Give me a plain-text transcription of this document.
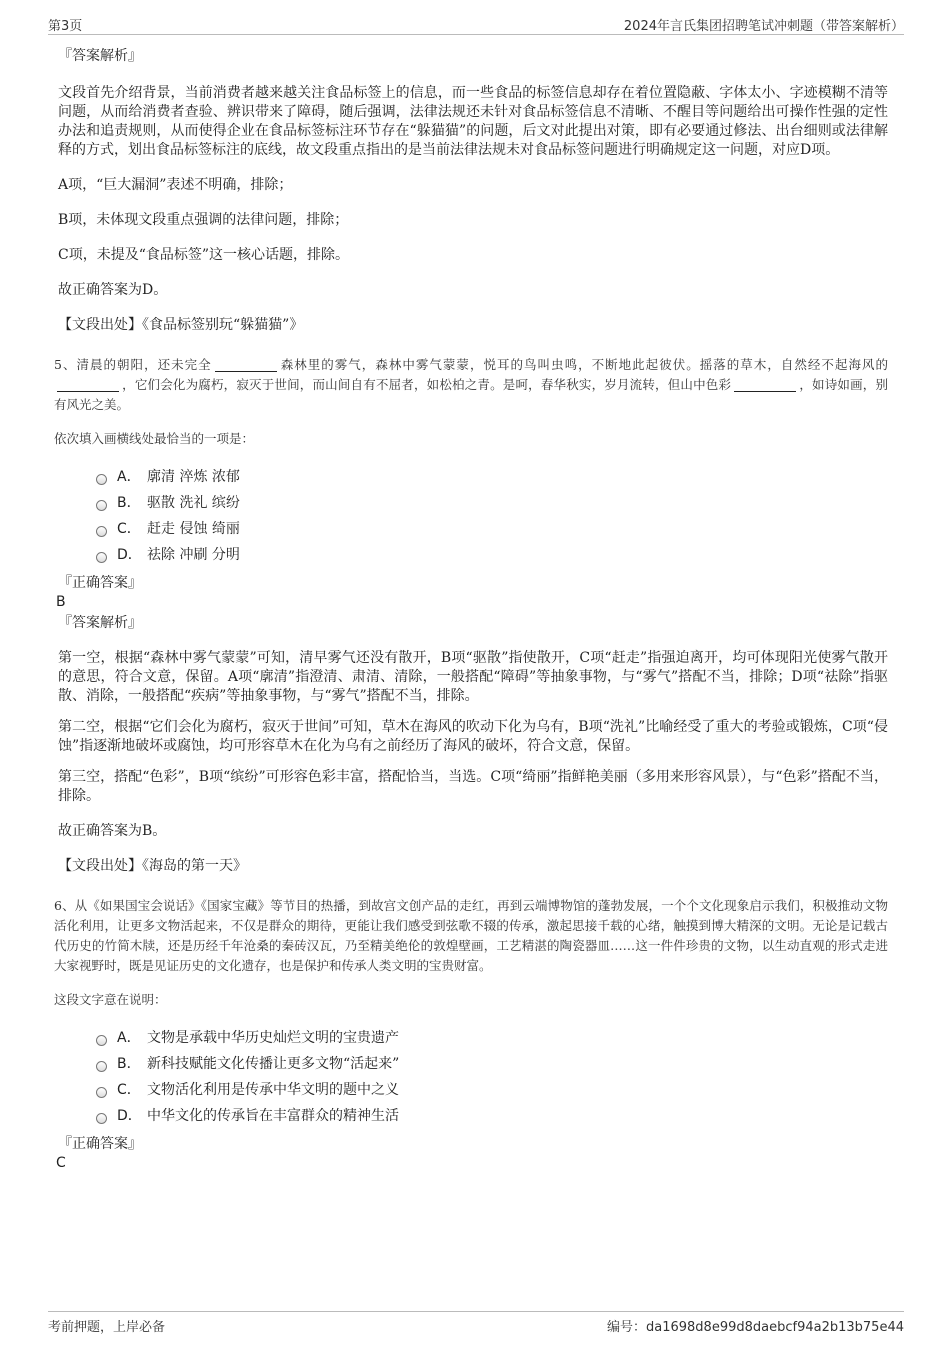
第3页	2024年言氏集团招聘笔试冲刺题（带答案解析）
『答案解析』
文段首先介绍背景，当前消费者越来越关注食品标签上的信息，而一些食品的标签信息却存在着位置隐蔽、字体太小、字迹模糊不清等问题，从而给消费者查验、辨识带来了障碍，随后强调，法律法规还未针对食品标签信息不清晰、不醒目等问题给出可操作性强的定性办法和追责规则，从而使得企业在食品标签标注环节存在“躲猫猫”的问题，后文对此提出对策，即有必要通过修法、出台细则或法律解释的方式，划出食品标签标注的底线，故文段重点指出的是当前法律法规未对食品标签问题进行明确规定这一问题，对应D项。
A项，“巨大漏洞”表述不明确，排除；
B项，未体现文段重点强调的法律问题，排除；
C项，未提及“食品标签”这一核心话题，排除。
故正确答案为D。
【文段出处】《食品标签别玩“躲猫猫”》
5、清晨的朝阳，还未完全	森林里的雾气，森林中雾气蒙蒙，悦耳的鸟叫虫鸣，不断地此起彼伏。摇落的草木，自然经不起海风的，它们会化为腐朽，寂灭于世间，而山间自有不屈者，如松柏之青。是呵，春华秋实，岁月流转，但山中色彩	，如诗如画，别有风光之美。
依次填入画横线处最恰当的一项是：
A． 廓清 淬炼 浓郁
B． 驱散 洗礼 缤纷
C． 赶走 侵蚀 绮丽
D． 祛除 冲刷 分明
『正确答案』
B
『答案解析』
第一空，根据“森林中雾气蒙蒙”可知，清早雾气还没有散开，B项“驱散”指使散开，C项“赶走”指强迫离开，均可体现阳光使雾气散开的意思，符合文意，保留。A项“廓清”指澄清、肃清、清除，一般搭配“障碍”等抽象事物，与“雾气”搭配不当，排除；D项“祛除”指驱散、消除，一般搭配“疾病”等抽象事物，与“雾气”搭配不当，排除。
第二空，根据“它们会化为腐朽，寂灭于世间”可知，草木在海风的吹动下化为乌有，B项“洗礼”比喻经受了重大的考验或锻炼，C项“侵蚀”指逐渐地破坏或腐蚀，均可形容草木在化为乌有之前经历了海风的破坏，符合文意，保留。
第三空，搭配“色彩”，B项“缤纷”可形容色彩丰富，搭配恰当，当选。C项“绮丽”指鲜艳美丽（多用来形容风景），与“色彩”搭配不当，排除。
故正确答案为B。
【文段出处】《海岛的第一天》
6、从《如果国宝会说话》《国家宝藏》等节目的热播，到故宫文创产品的走红，再到云端博物馆的蓬勃发展，一个个文化现象启示我们，积极推动文物活化利用，让更多文物活起来，不仅是群众的期待，更能让我们感受到弦歌不辍的传承，激起思接千载的心绪，触摸到博大精深的文明。无论是记载古代历史的竹简木牍，还是历经千年沧桑的秦砖汉瓦，乃至精美绝伦的敦煌壁画，工艺精湛的陶瓷器皿……这一件件珍贵的文物，以生动直观的形式走进大家视野时，既是见证历史的文化遗存，也是保护和传承人类文明的宝贵财富。
这段文字意在说明：
A． 文物是承载中华历史灿烂文明的宝贵遗产
B． 新科技赋能文化传播让更多文物“活起来”
C． 文物活化利用是传承中华文明的题中之义
D． 中华文化的传承旨在丰富群众的精神生活
『正确答案』
C
考前押题，上岸必备	编号：da1698d8e99d8daebcf94a2b13b75e44
